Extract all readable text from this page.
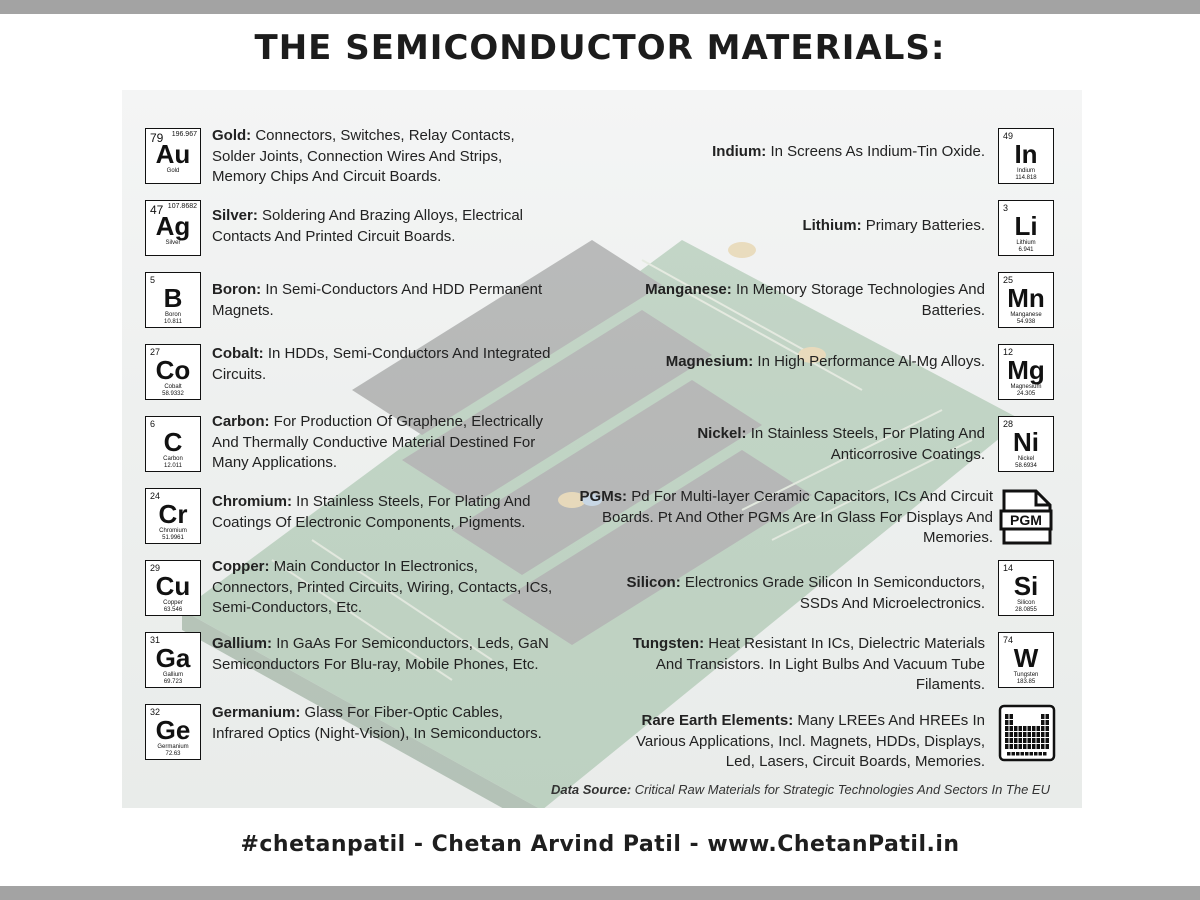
THE SEMICONDUCTOR MATERIALS:
79 196.967
Au
Gold
Gold: Connectors, Switches, Relay Contacts, Solder Joints, Connection Wires And Strips, Memory Chips And Circuit Boards.
47 107.8682
Ag
Silver
Silver: Soldering And Brazing Alloys, Electrical Contacts And Printed Circuit Boards.
5
B
Boron
10.811
Boron: In Semi-Conductors And HDD Permanent Magnets.
27
Co
Cobalt
58.9332
Cobalt: In HDDs, Semi-Conductors And Integrated Circuits.
6
C
Carbon
12.011
Carbon: For Production Of Graphene, Electrically And Thermally Conductive Material Destined For Many Applications.
24
Cr
Chromium
51.9961
Chromium: In Stainless Steels, For Plating And Coatings Of Electronic Components, Pigments.
29
Cu
Copper
63.546
Copper: Main Conductor In Electronics, Connectors, Printed Circuits, Wiring, Contacts, ICs, Semi-Conductors, Etc.
31
Ga
Gallium
69.723
Gallium: In GaAs For Semiconductors, Leds, GaN Semiconductors For Blu-ray, Mobile Phones, Etc.
32
Ge
Germanium
72.63
Germanium: Glass For Fiber-Optic Cables, Infrared Optics (Night-Vision), In Semiconductors.
49
In
Indium
114.818
Indium: In Screens As Indium-Tin Oxide.
3
Li
Lithium
6.941
Lithium: Primary Batteries.
25
Mn
Manganese
54.938
Manganese: In Memory Storage Technologies And Batteries.
12
Mg
Magnesium
24.305
Magnesium: In High Performance Al-Mg Alloys.
28
Ni
Nickel
58.6934
Nickel: In Stainless Steels, For Plating And Anticorrosive Coatings.
PGM
PGMs: Pd For Multi-layer Ceramic Capacitors, ICs And Circuit Boards. Pt And Other PGMs Are In Glass For Displays And Memories.
14
Si
Silicon
28.0855
Silicon: Electronics Grade Silicon In Semiconductors, SSDs And Microelectronics.
74
W
Tungsten
183.85
Tungsten: Heat Resistant In ICs, Dielectric Materials And Transistors. In Light Bulbs And Vacuum Tube Filaments.
Rare Earth Elements: Many LREEs And HREEs In Various Applications, Incl. Magnets, HDDs, Displays, Led, Lasers, Circuit Boards, Memories.
Data Source: Critical Raw Materials for Strategic Technologies And Sectors In The EU
#chetanpatil - Chetan Arvind Patil - www.ChetanPatil.in
